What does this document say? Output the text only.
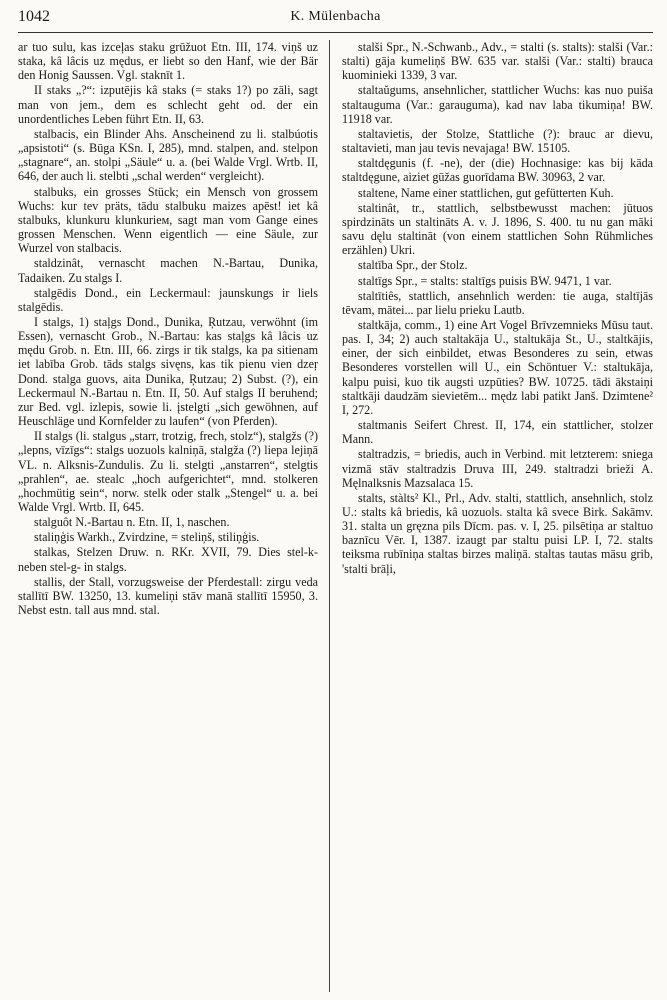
1042	K. Mülenbacha

ar tuo sulu, kas izceļas staku grūžuot Etn. III, 174. viņš uz staka, kâ lâcis uz mędus, er liebt so den Hanf, wie der Bär den Honig Saussen. Vgl. staknīt 1.

II staks „?“: izputējis kâ staks (= staks 1?) po zāli, sagt man von jem., dem es schlecht geht od. der ein unordentliches Leben führt Etn. II, 63.

stalbacis, ein Blinder Ahs. Anscheinend zu li. stalbúotis „apsistoti“ (s. Būga KSn. I, 285), mnd. stalpen, and. stelpon „stagnare“, an. stolpi „Säule“ u. a. (bei Walde Vrgl. Wrtb. II, 646, der auch li. stelbti „schal werden“ vergleicht).

stalbuks, ein grosses Stück; ein Mensch von grossem Wuchs: kur tev präts, tādu stalbuku maizes apēst! iet kâ stalbuks, klunkuru klunkurieм, sagt man vom Gange eines grossen Menschen. Wenn eigentlich — eine Säule, zur Wurzel von stalbacis.

staldzinât, vernascht machen N.-Bartau, Dunika, Tadaiken. Zu stalgs I.

stalgēdis Dond., ein Leckermaul: jaunskungs ir liels stalgēdis.

I stalgs, 1) staļgs Dond., Dunika, Ŗutzau, verwöhnt (im Essen), vernascht Grob., N.-Bartau: kas staļgs kâ lâcis uz mędu Grob. n. Etn. III, 66. zirgs ir tik stalgs, ka pa sitienam iet labība Grob. tāds stalgs sivęns, kas tik pienu vien dzeŗ Dond. stalga guovs, aita Dunika, Ŗutzau; 2) Subst. (?), ein Leckermaul N.-Bartau n. Etn. II, 50. Auf stalgs II beruhend; zur Bed. vgl. izlepis, sowie li. įstelgti „sich gewöhnen, auf Heuschläge und Kornfelder zu laufen“ (von Pferden).

II stalgs (li. stalgus „starr, trotzig, frech, stolz“), stalgžs (?) „lepns, vīzīgs“: stalgs uozuols kalniņā, stalgža (?) liepa lejiņā VL. n. Alksnis-Zundulis. Zu li. stelgti „anstarren“, stelgtis „prahlen“, ae. stealc „hoch aufgerichtet“, mnd. stolkeren „hochmütig sein“, norw. stelk oder stalk „Stengel“ u. a. bei Walde Vrgl. Wrtb. II, 645.

stalguôt N.-Bartau n. Etn. II, 1, naschen.

staliņģis Warkh., Zvirdzine, = steliņš, stiliņģis.

stalkas, Stelzen Druw. n. RKr. XVII, 79. Dies stel-k- neben stel-g- in stalgs.

stallis, der Stall, vorzugsweise der Pferdestall: zirgu veda stallītī BW. 13250, 13. kumeliņi stāv manā stallītī 15950, 3. Nebst estn. tall aus mnd. stal.

stalši Spr., N.-Schwanb., Adv., = stalti (s. stalts): stalši (Var.: stalti) gāja kumeliņš BW. 635 var. stalši (Var.: stalti) brauca kuominieki 1339, 3 var.

staltaŭgums, ansehnlicher, stattlicher Wuchs: kas nuo puiša staltauguma (Var.: garauguma), kad nav laba tikumiņa! BW. 11918 var.

staltavietis, der Stolze, Stattliche (?): brauc ar dievu, staltavieti, man jau tevis nevajaga! BW. 15105.

staltdęgunis (f. -ne), der (die) Hochnasige: kas bij kāda staltdęgune, aiziet gūžas guorīdama BW. 30963, 2 var.

staltene, Name einer stattlichen, gut gefütterten Kuh.

staltinât, tr., stattlich, selbstbewusst machen: jūtuos spirdzināts un staltināts A. v. J. 1896, S. 400. tu nu gan māki savu dęlu staltināt (von einem stattlichen Sohn Rühmliches erzählen) Ukri.

staltība Spr., der Stolz.

staltīgs Spr., = stalts: staltīgs puisis BW. 9471, 1 var.

staltītiês, stattlich, ansehnlich werden: tie auga, staltījās tēvam, mātei... par lielu prieku Lautb.

staltkāja, comm., 1) eine Art Vogel Brīvzemnieks Mūsu taut. pas. I, 34; 2) auch staltakāja U., staltukāja St., U., staltkājis, einer, der sich einbildet, etwas Besonderes zu sein, etwas Besonderes vorstellen will U., ein Schöntuer V.: staltukāja, kalpu puisi, kuo tik augsti uzpūties? BW. 10725. tādi ākstaiņi staltkāji daudzām sievietēm... mędz labi patikt Janš. Dzimtene² I, 272.

staltmanis Seifert Chrest. II, 174, ein stattlicher, stolzer Mann.

staltradzis, = briedis, auch in Verbind. mit letzterem: sniega vizmā stāv staltradzis Druva III, 249. staltradzi brieži A. Męlnalksnis Mazsalaca 15.

stalts, stàlts² Kl., Prl., Adv. stalti, stattlich, ansehnlich, stolz U.: stalts kâ briedis, kâ uozuols. stalta kâ svece Birk. Sakāmv. 31. stalta un gręzna pils Dīcm. pas. v. I, 25. pilsētiņa ar staltuo baznīcu Vēr. I, 1387. izaugt par staltu puisi LP. I, 72. stalts teiksma rubīniņa staltas birzes maliņā. staltas tautas māsu grib, 'stalti brāļi,
